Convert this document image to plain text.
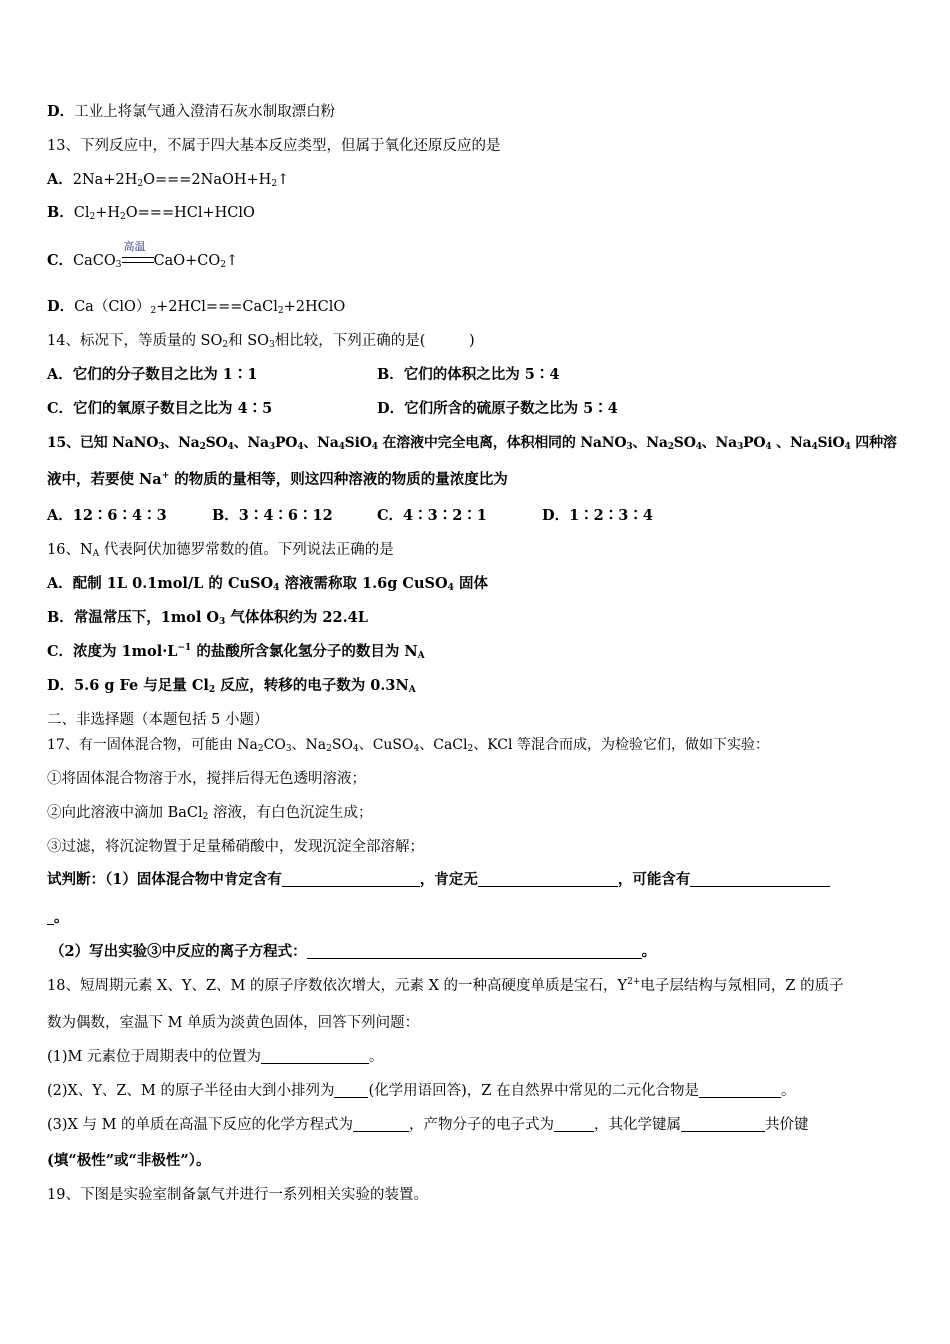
D．工业上将氯气通入澄清石灰水制取漂白粉
13、下列反应中，不属于四大基本反应类型，但属于氧化还原反应的是
A．$2Na+2H_2O===2NaOH+H_2↑$
B．$Cl_2+H_2O===HCl+HClO$
C．CaCO$_3$
高温
$CaO+CO_2↑$
D．$Ca(ClO)_2+2HCl===CaCl_2+2HClO$
14、标况下，等质量的 $SO_2$和 $SO_3$相比较，下列正确的是(　　　)
A．它们的分子数目之比为 1∶1	B．它们的体积之比为 5∶4
C．它们的氧原子数目之比为 4∶5	D．它们所含的硫原子数之比为 5∶4
15、已知 NaNO$_3$、$Na_2SO_4$、$Na_3PO_4$、$Na_4SiO_4$ 在溶液中完全电离，体积相同的 NaNO$_3$、$Na_2SO_4$、$Na_3PO_4$ 、$Na_4SiO_4$ 四种溶
液中，若要使 Na+ 的物质的量相等，则这四种溶液的物质的量浓度比为
A．12∶6∶4∶3	B．3∶4∶6∶12	C．4∶3∶2∶1	D．1∶2∶3∶4
16、$N_A$ 代表阿伏加德罗常数的值。下列说法正确的是
A．配制 1L 0.1mol/L 的 CuSO$_4$ 溶液需称取 1.6g CuSO$_4$ 固体
B．常温常压下，1mol $O_3$ 气体体积约为 22.4L
C．浓度为 $1mol\cdot L^{-1}$ 的盐酸所含氯化氢分子的数目为 $N_A$
D．5.6 g Fe 与足量 $Cl_2$ 反应，转移的电子数为 $0.3N_A$
二、非选择题（本题包括 5 小题）
17、有一固体混合物，可能由 $Na_2CO_3$、$Na_2SO_4$、CuSO$_4$、CaCl$_2$、KCl 等混合而成，为检验它们，做如下实验：
①将固体混合物溶于水，搅拌后得无色透明溶液；
②向此溶液中滴加 BaCl$_2$ 溶液，有白色沉淀生成；
③过滤，将沉淀物置于足量稀硝酸中，发现沉淀全部溶解；
试判断：（1）固体混合物中肯定含有	，肯定无	，可能含有
。
（2）写出实验③中反应的离子方程式：	。
18、短周期元素 X、Y、Z、M 的原子序数依次增大，元素 X 的一种高硬度单质是宝石，$Y^{2+}$电子层结构与氖相同，Z 的质子
数为偶数，室温下 M 单质为淡黄色固体，回答下列问题：
(1)M 元素位于周期表中的位置为	。
(2)X、Y、Z、M 的原子半径由大到小排列为 (化学用语回答)，Z 在自然界中常见的二元化合物是	。
(3)X 与 M 的单质在高温下反应的化学方程式为	，产物分子的电子式为	，其化学键属	共价键
(填“极性”或“非极性”）。
19、下图是实验室制备氯气并进行一系列相关实验的装置。
